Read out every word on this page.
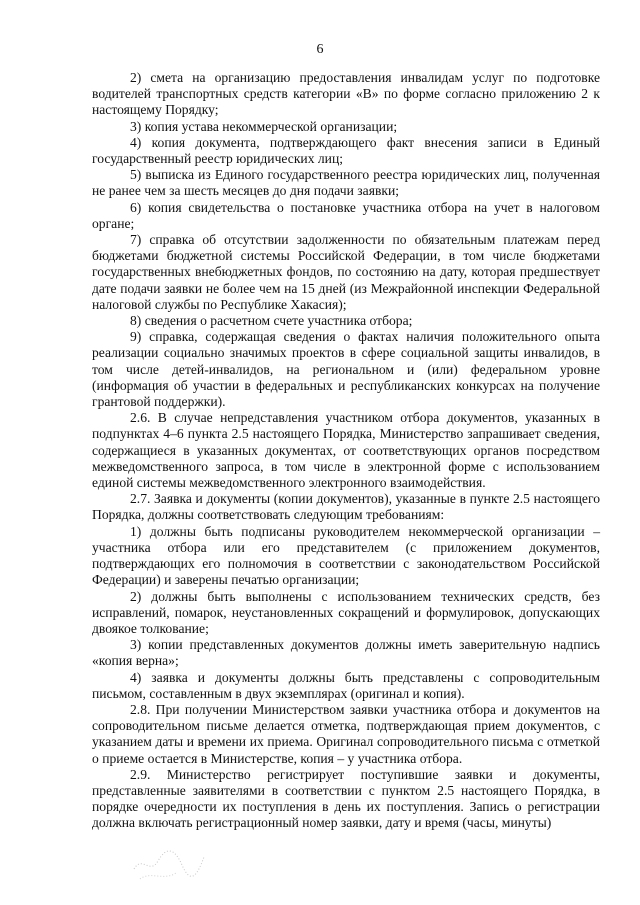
6

2) смета на организацию предоставления инвалидам услуг по подготовке водителей транспортных средств категории «В» по форме согласно приложению 2 к настоящему Порядку;

3) копия устава некоммерческой организации;

4) копия документа, подтверждающего факт внесения записи в Единый государственный реестр юридических лиц;

5) выписка из Единого государственного реестра юридических лиц, полученная не ранее чем за шесть месяцев до дня подачи заявки;

6) копия свидетельства о постановке участника отбора на учет в налоговом органе;

7) справка об отсутствии задолженности по обязательным платежам перед бюджетами бюджетной системы Российской Федерации, в том числе бюджетами государственных внебюджетных фондов, по состоянию на дату, которая предшествует дате подачи заявки не более чем на 15 дней (из Межрайонной инспекции Федеральной налоговой службы по Республике Хакасия);

8) сведения о расчетном счете участника отбора;

9) справка, содержащая сведения о фактах наличия положительного опыта реализации социально значимых проектов в сфере социальной защиты инвалидов, в том числе детей-инвалидов, на региональном и (или) федеральном уровне (информация об участии в федеральных и республиканских конкурсах на получение грантовой поддержки).

2.6. В случае непредставления участником отбора документов, указанных в подпунктах 4–6 пункта 2.5 настоящего Порядка, Министерство запрашивает сведения, содержащиеся в указанных документах, от соответствующих органов посредством межведомственного запроса, в том числе в электронной форме с использованием единой системы межведомственного электронного взаимодействия.

2.7. Заявка и документы (копии документов), указанные в пункте 2.5 настоящего Порядка, должны соответствовать следующим требованиям:

1) должны быть подписаны руководителем некоммерческой организации – участника отбора или его представителем (с приложением документов, подтверждающих его полномочия в соответствии с законодательством Российской Федерации) и заверены печатью организации;

2) должны быть выполнены с использованием технических средств, без исправлений, помарок, неустановленных сокращений и формулировок, допускающих двоякое толкование;

3) копии представленных документов должны иметь заверительную надпись «копия верна»;

4) заявка и документы должны быть представлены с сопроводительным письмом, составленным в двух экземплярах (оригинал и копия).

2.8. При получении Министерством заявки участника отбора и документов на сопроводительном письме делается отметка, подтверждающая прием документов, с указанием даты и времени их приема. Оригинал сопроводительного письма с отметкой о приеме остается в Министерстве, копия – у участника отбора.

2.9. Министерство регистрирует поступившие заявки и документы, представленные заявителями в соответствии с пунктом 2.5 настоящего Порядка, в порядке очередности их поступления в день их поступления. Запись о регистрации должна включать регистрационный номер заявки, дату и время (часы, минуты)
